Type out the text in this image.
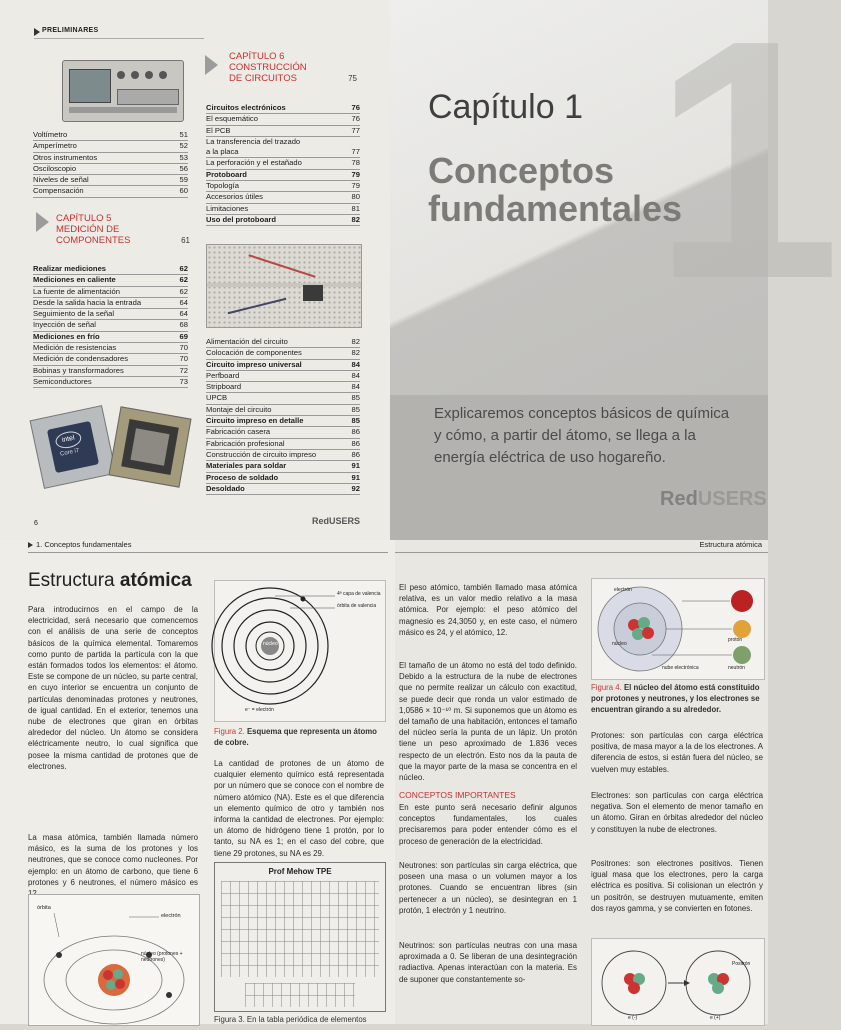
PRELIMINARES
Voltímetro	51
Amperímetro	52
Otros instrumentos	53
Osciloscopio	56
Niveles de señal	59
Compensación	60
CAPÍTULO 5
MEDICIÓN DE
COMPONENTES	61
Realizar mediciones	62
Mediciones en caliente	62
La fuente de alimentación	62
Desde la salida hacia la entrada	64
Seguimiento de la señal	64
Inyección de señal	68
Mediciones en frío	69
Medición de resistencias	70
Medición de condensadores	70
Bobinas y transformadores	72
Semiconductores	73
intel
Core i7
CAPÍTULO 6
CONSTRUCCIÓN
DE CIRCUITOS	75
Circuitos electrónicos	76
El esquemático	76
El PCB	77
La transferencia del trazado
a la placa	77
La perforación y el estañado	78
Protoboard	79
Topología	79
Accesorios útiles	80
Limitaciones	81
Uso del protoboard	82
Alimentación del circuito	82
Colocación de componentes	82
Circuito impreso universal	84
Perfboard	84
Stripboard	84
UPCB	85
Montaje del circuito	85
Circuito impreso en detalle	85
Fabricación casera	86
Fabricación profesional	86
Construcción de circuito impreso	86
Materiales para soldar	91
Proceso de soldado	91
Desoldado	92
6	RedUSERS
1
Capítulo 1
Conceptos
fundamentales
Explicaremos conceptos básicos de química
y cómo, a partir del átomo, se llega a la
energía eléctrica de uso hogareño.
RedUSERS
1. Conceptos fundamentales
Estructura atómica
Para introducirnos en el campo de la electricidad, será necesario que comencemos con el análisis de una serie de conceptos básicos de la química elemental. Tomaremos como punto de partida la partícula con la que están formados todos los elementos: el átomo. Este se compone de un núcleo, su parte central, en cuyo interior se encuentra un conjunto de partículas denominadas protones y neutrones, de igual cantidad. En el exterior, tenemos una nube de electrones que giran en órbitas alrededor del núcleo. Un átomo se considera eléctricamente neutro, lo cual significa que posee la misma cantidad de protones que de electrones.
La masa atómica, también llamada número másico, es la suma de los protones y los neutrones, que se conoce como nucleones. Por ejemplo: en un átomo de carbono, que tiene 6 protones y 6 neutrones, el número másico es
órbita
electrón
núcleo (protones + neutrones)
4ª capa de valencia
órbita de valencia
núcleo
e⁻ = electrón
Figura 2. Esquema que representa un átomo de cobre.
La cantidad de protones de un átomo de cualquier elemento químico está representada por un número que se conoce con el nombre de número atómico (NA). Este es el que diferencia un elemento químico de otro y también nos informa la cantidad de electrones. Por ejemplo: un átomo de hidrógeno tiene 1 protón, por lo tanto, su NA es 1; en el caso del cobre, que tiene 29 protones, su NA es 29.
Prof Mehow TPE
Figura 3. En la tabla periódica de elementos
Estructura atómica
El peso atómico, también llamado masa atómica relativa, es un valor medio relativo a la masa atómica. Por ejemplo: el peso atómico del magnesio es 24,3050 y, en este caso, el número másico es 24, y el atómico, 12.
El tamaño de un átomo no está del todo definido. Debido a la estructura de la nube de electrones que no permite realizar un cálculo con exactitud, se puede decir que ronda un valor estimado de 1,0586 × 10⁻¹⁰ m. Si suponemos que un átomo es del tamaño de una habitación, entonces el tamaño del núcleo sería la punta de un lápiz. Un protón tiene un peso aproximado de 1.836 veces respecto de un electrón. Esto nos da la pauta de que la mayor parte de la masa se concentra en el núcleo.
CONCEPTOS IMPORTANTES
En este punto será necesario definir algunos conceptos fundamentales, los cuales precisaremos para poder entender cómo es el proceso de generación de la electricidad.
Neutrones: son partículas sin carga eléctrica, que poseen una masa o un volumen mayor a los protones. Cuando se encuentran libres (sin pertenecer a un núcleo), se desintegran en 1 protón, 1 electrón y 1 neutrino.
Neutrinos: son partículas neutras con una masa aproximada a 0. Se liberan de una desintegración radiactiva. Apenas interactúan con la materia. Es de suponer que constantemente so-
electrón
protón
neutrón
nube electrónica
núcleo
Figura 4. El núcleo del átomo está constituido por protones y neutrones, y los electrones se encuentran girando a su alrededor.
Protones: son partículas con carga eléctrica positiva, de masa mayor a la de los electrones. A diferencia de estos, si están fuera del núcleo, se vuelven muy estables.
Electrones: son partículas con carga eléctrica negativa. Son el elemento de menor tamaño en un átomo. Giran en órbitas alrededor del núcleo y constituyen la nube de electrones.
Positrones: son electrones positivos. Tienen igual masa que los electrones, pero la carga eléctrica es positiva. Si colisionan un electrón y un positrón, se destruyen mutuamente, emiten dos rayos gamma, y se convierten en fotones.
e (-)	e (+)
Positrón
